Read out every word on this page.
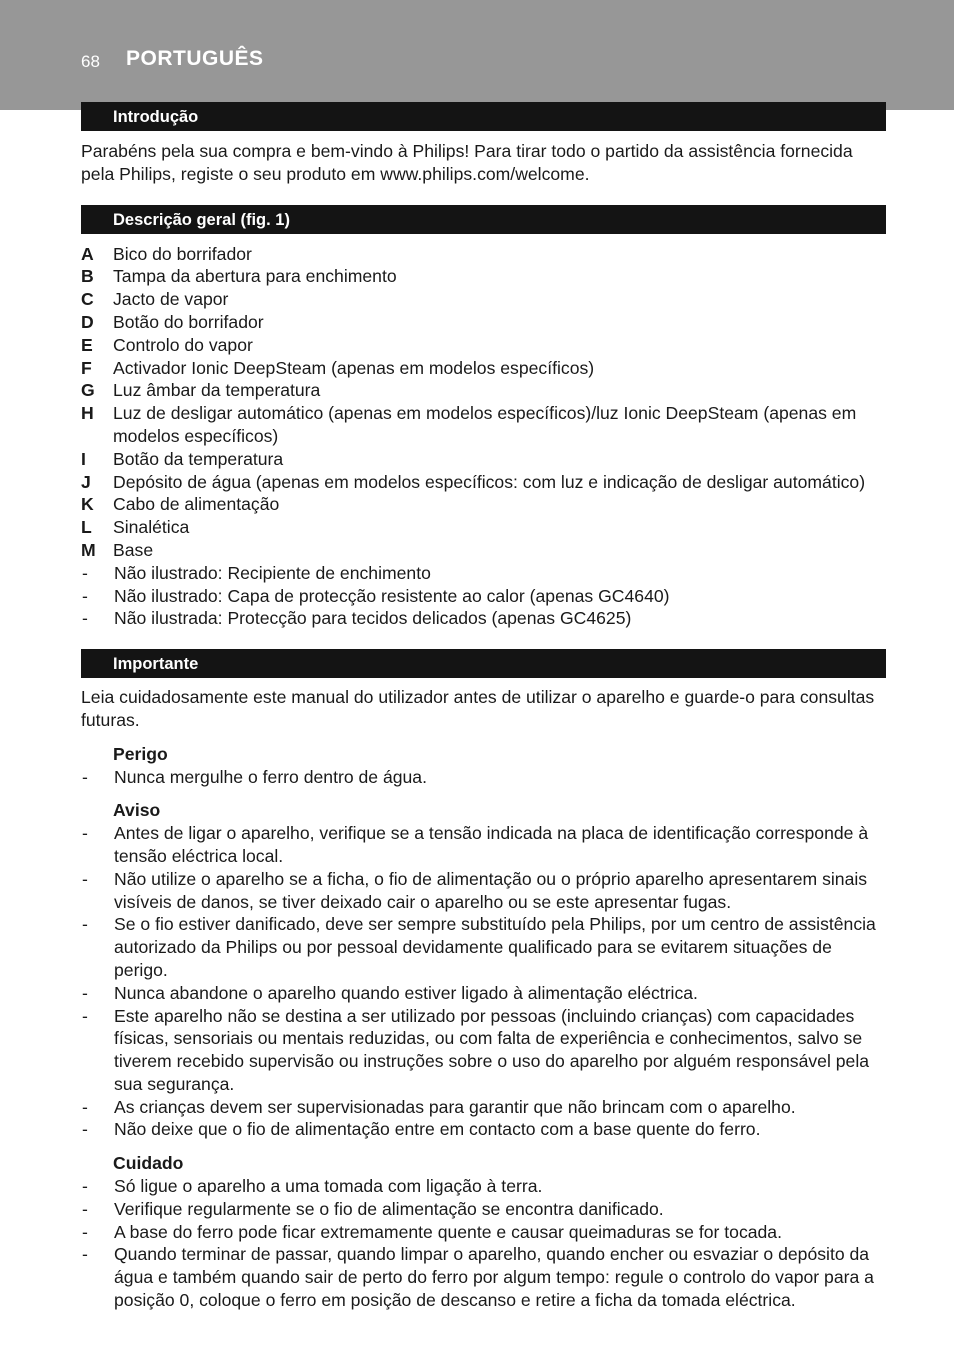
68 PORTUGUÊS
Introdução

Parabéns pela sua compra e bem-vindo à Philips! Para tirar todo o partido da assistência fornecida pela Philips, registe o seu produto em www.philips.com/welcome.

Descrição geral (fig. 1)
A	Bico do borrifador
B	Tampa da abertura para enchimento
C	Jacto de vapor
D	Botão do borrifador
E	Controlo do vapor
F	Activador Ionic DeepSteam (apenas em modelos específicos)
G	Luz âmbar da temperatura
H	Luz de desligar automático (apenas em modelos específicos)/luz Ionic DeepSteam (apenas em modelos específicos)
I	Botão da temperatura
J	Depósito de água (apenas em modelos específicos: com luz e indicação de desligar automático)
K	Cabo de alimentação
L	Sinalética
M Base
-	Não ilustrado: Recipiente de enchimento
-	Não ilustrado: Capa de protecção resistente ao calor (apenas GC4640)
-	Não ilustrada: Protecção para tecidos delicados (apenas GC4625)
Importante

Leia cuidadosamente este manual do utilizador antes de utilizar o aparelho e guarde-o para consultas futuras.

Perigo

-	Nunca mergulhe o ferro dentro de água.

Aviso

-	Antes de ligar o aparelho, verifique se a tensão indicada na placa de identificação corresponde à tensão eléctrica local.
-	Não utilize o aparelho se a ficha, o fio de alimentação ou o próprio aparelho apresentarem sinais visíveis de danos, se tiver deixado cair o aparelho ou se este apresentar fugas.
-	Se o fio estiver danificado, deve ser sempre substituído pela Philips, por um centro de assistência autorizado da Philips ou por pessoal devidamente qualificado para se evitarem situações de perigo.
-	Nunca abandone o aparelho quando estiver ligado à alimentação eléctrica.
-	Este aparelho não se destina a ser utilizado por pessoas (incluindo crianças) com capacidades físicas, sensoriais ou mentais reduzidas, ou com falta de experiência e conhecimentos, salvo se tiverem recebido supervisão ou instruções sobre o uso do aparelho por alguém responsável pela sua segurança.
-	As crianças devem ser supervisionadas para garantir que não brincam com o aparelho.
-	Não deixe que o fio de alimentação entre em contacto com a base quente do ferro.

Cuidado

-	Só ligue o aparelho a uma tomada com ligação à terra.
-	Verifique regularmente se o fio de alimentação se encontra danificado.
-	A base do ferro pode ficar extremamente quente e causar queimaduras se for tocada.
-	Quando terminar de passar, quando limpar o aparelho, quando encher ou esvaziar o depósito da água e também quando sair de perto do ferro por algum tempo: regule o controlo do vapor para a posição 0, coloque o ferro em posição de descanso e retire a ficha da tomada eléctrica.
